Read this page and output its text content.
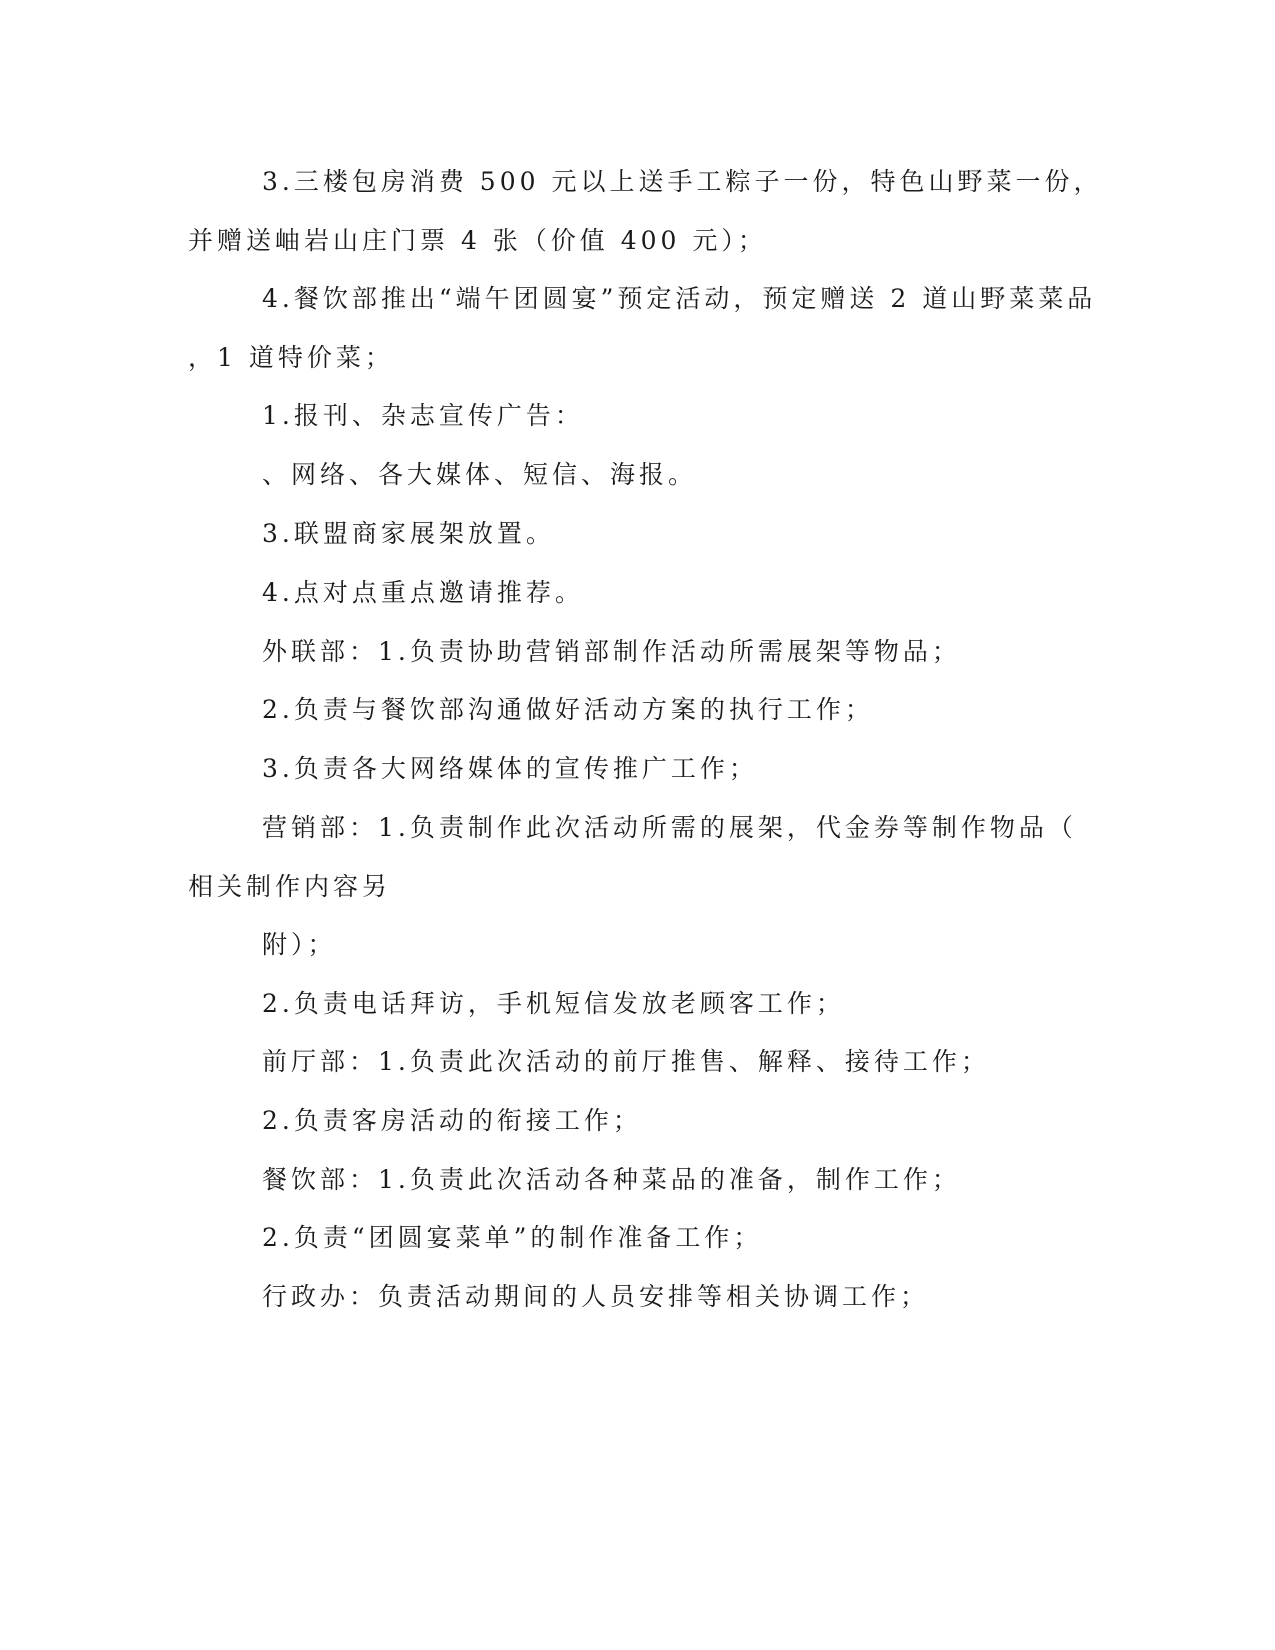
3.三楼包房消费 500 元以上送手工粽子一份，特色山野菜一份，
并赠送岫岩山庄门票 4 张（价值 400 元）；
4.餐饮部推出“端午团圆宴”预定活动，预定赠送 2 道山野菜菜品
，1 道特价菜；
1.报刊、杂志宣传广告：
、网络、各大媒体、短信、海报。
3.联盟商家展架放置。
4.点对点重点邀请推荐。
外联部：1.负责协助营销部制作活动所需展架等物品；
2.负责与餐饮部沟通做好活动方案的执行工作；
3.负责各大网络媒体的宣传推广工作；
营销部：1.负责制作此次活动所需的展架，代金券等制作物品（
相关制作内容另
附）；
2.负责电话拜访，手机短信发放老顾客工作；
前厅部：1.负责此次活动的前厅推售、解释、接待工作；
2.负责客房活动的衔接工作；
餐饮部：1.负责此次活动各种菜品的准备，制作工作；
2.负责“团圆宴菜单”的制作准备工作；
行政办：负责活动期间的人员安排等相关协调工作；
